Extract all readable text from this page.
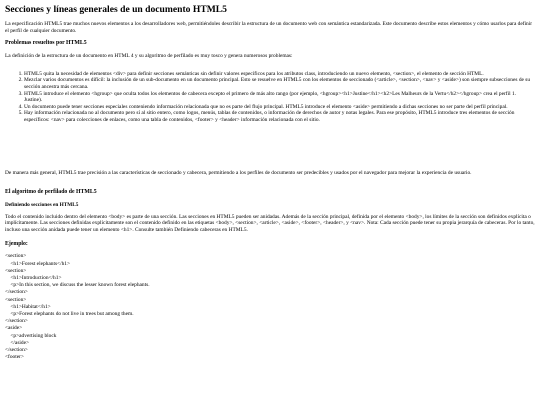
Secciones y líneas generales de un documento HTML5

La especificación HTML5 trae muchos nuevos elementos a los desarrolladores web, permitiéndoles describir la estructura de un documento web con semántica estandarizada. Este documento describe estos elementos y cómo usarlos para definir el perfil de cualquier documento.

Problemas resueltos por HTML5

La definición de la estructura de un documento en HTML 4 y su algoritmo de perfilado es muy tosco y genera numerosos problemas:

1. HTML5 quita la necesidad de elementos <div> para definir secciones semánticas sin definir valores específicos para los atributos class, introduciendo un nuevo elemento, <section>, el elemento de sección HTML.
2. Mezclar varios documentos es difícil: la inclusión de un sub-documento en un documento principal. Esto se resuelve en HTML5 con los elementos de seccionado (<article>, <section>, <nav> y <aside>) son siempre subsecciones de su sección ancestra más cercana.
3. HTML5 introduce el elemento <hgroup> que oculta todos los elementos de cabecera excepto el primero de más alto rango (por ejemplo, <hgroup><h1>Justine</h1><h2>Les Malheurs de la Vertu</h2></hgroup> crea el perfil 1. Justine).
4. Un documento puede tener secciones especiales conteniendo información relacionada que no es parte del flujo principal. HTML5 introduce el elemento <aside> permitiendo a dichas secciones no ser parte del perfil principal.
5. Hay información relacionada no al documento pero sí al sitio entero, como logos, menús, tablas de contenidos, o información de derechos de autor y notas legales. Para ese propósito, HTML5 introduce tres elementos de sección específicos: <nav> para colecciones de enlaces, como una tabla de contenidos, <footer> y <header> información relacionada con el sitio.

De manera más general, HTML5 trae precisión a las características de seccionado y cabecera, permitiendo a los perfiles de documento ser predecibles y usados por el navegador para mejorar la experiencia de usuario.

El algoritmo de perfilado de HTML5
Definiendo secciones en HTML5

Todo el contenido incluido dentro del elemento <body> es parte de una sección. Las secciones en HTML5 pueden ser anidadas. Además de la sección principal, definida por el elemento <body>, los límites de la sección son definidos explícita o implícitamente. Las secciones definidas explícitamente son el contenido definido en las etiquetas <body>, <section>, <article>, <aside>, <footer>, <header>, y <nav>. Nota: Cada sección puede tener su propia jerarquía de cabeceras. Por lo tanto, incluso una sección anidada puede tener un elemento <h1>. Consulte también Definiendo cabeceras en HTML5.

Ejemplo:
<section>
<h1>Forest elephants</h1>
<section>
<h1>Introduction</h1>
<p>In this section, we discuss the lesser known forest elephants.
</section>
<section>
<h1>Habitat</h1>
<p>Forest elephants do not live in trees but among them.
</section>
<aside>
<p>advertising block
</aside>
</section>
<footer>
